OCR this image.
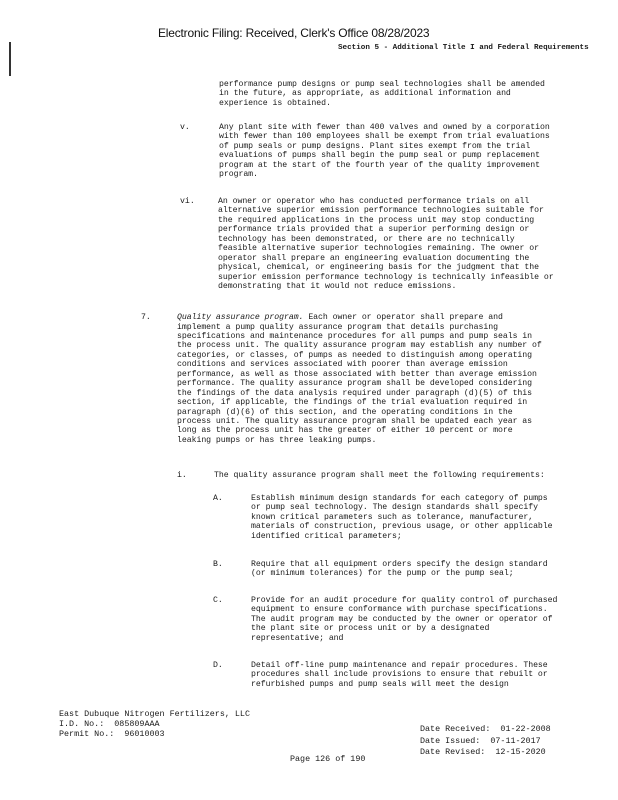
Electronic Filing: Received, Clerk's Office 08/28/2023
Section 5 - Additional Title I and Federal Requirements
performance pump designs or pump seal technologies shall be amended
in the future, as appropriate, as additional information and
experience is obtained.
v.	Any plant site with fewer than 400 valves and owned by a corporation
with fewer than 100 employees shall be exempt from trial evaluations
of pump seals or pump designs. Plant sites exempt from the trial
evaluations of pumps shall begin the pump seal or pump replacement
program at the start of the fourth year of the quality improvement
program.
vi.	An owner or operator who has conducted performance trials on all
alternative superior emission performance technologies suitable for
the required applications in the process unit may stop conducting
performance trials provided that a superior performing design or
technology has been demonstrated, or there are no technically
feasible alternative superior technologies remaining. The owner or
operator shall prepare an engineering evaluation documenting the
physical, chemical, or engineering basis for the judgment that the
superior emission performance technology is technically infeasible or
demonstrating that it would not reduce emissions.
7.	Quality assurance program. Each owner or operator shall prepare and
implement a pump quality assurance program that details purchasing
specifications and maintenance procedures for all pumps and pump seals in
the process unit. The quality assurance program may establish any number of
categories, or classes, of pumps as needed to distinguish among operating
conditions and services associated with poorer than average emission
performance, as well as those associated with better than average emission
performance. The quality assurance program shall be developed considering
the findings of the data analysis required under paragraph (d)(5) of this
section, if applicable, the findings of the trial evaluation required in
paragraph (d)(6) of this section, and the operating conditions in the
process unit. The quality assurance program shall be updated each year as
long as the process unit has the greater of either 10 percent or more
leaking pumps or has three leaking pumps.
i.	The quality assurance program shall meet the following requirements:
A.	Establish minimum design standards for each category of pumps
or pump seal technology. The design standards shall specify
known critical parameters such as tolerance, manufacturer,
materials of construction, previous usage, or other applicable
identified critical parameters;
B.	Require that all equipment orders specify the design standard
(or minimum tolerances) for the pump or the pump seal;
C.	Provide for an audit procedure for quality control of purchased
equipment to ensure conformance with purchase specifications.
The audit program may be conducted by the owner or operator of
the plant site or process unit or by a designated
representative; and
D.	Detail off-line pump maintenance and repair procedures. These
procedures shall include provisions to ensure that rebuilt or
refurbished pumps and pump seals will meet the design
East Dubuque Nitrogen Fertilizers, LLC
I.D. No.:  085809AAA
Permit No.:  96010003	Date Received:  01-22-2008
Date Issued:  07-11-2017
Date Revised:  12-15-2020
Page 126 of 190
